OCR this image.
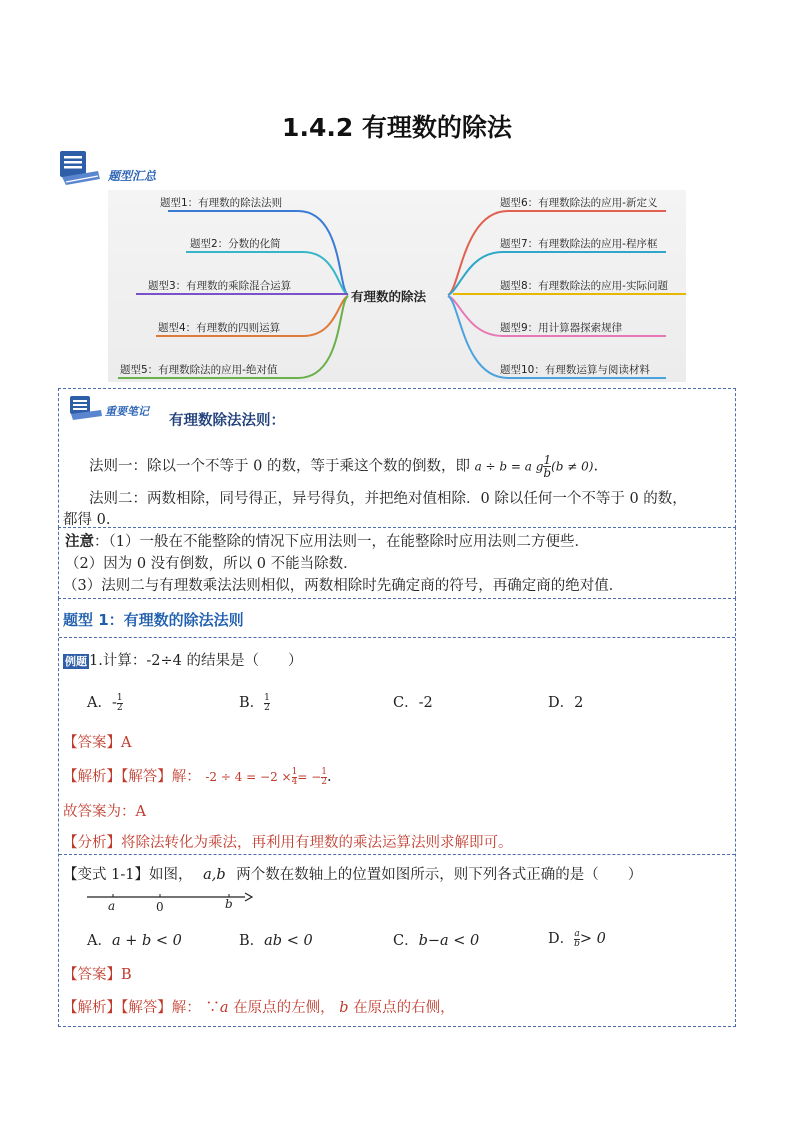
1.4.2 有理数的除法
题型汇总
有理数的除法
题型1：有理数的除法法则
题型2：分数的化简
题型3：有理数的乘除混合运算
题型4：有理数的四则运算
题型5：有理数除法的应用-绝对值
题型6：有理数除法的应用-新定义
题型7：有理数除法的应用-程序框
题型8：有理数除法的应用-实际问题
题型9：用计算器探索规律
题型10：有理数运算与阅读材料
重要笔记
有理数除法法则：
法则一：除以一个不等于 0 的数，等于乘这个数的倒数，即 a ÷ b = a g $\frac{1}{b} (b \ne 0)$.
法则二：两数相除，同号得正，异号得负，并把绝对值相除．0 除以任何一个不等于 0 的数，
都得 0.
注意：（1）一般在不能整除的情况下应用法则一，在能整除时应用法则二方便些．
（2）因为 0 没有倒数，所以 0 不能当除数．
（3）法则二与有理数乘法法则相似，两数相除时先确定商的符号，再确定商的绝对值．
题型 1：有理数的除法法则
例题 1.计算：-2÷4 的结果是（　　）
A．- $\frac{1}{2}$	B． $\frac{1}{2}$	C．-2	D．2
【答案】A
【解析】【解答】解： $-2 \div 4 = -2 \times \frac{1}{4}$ = − $\frac{1}{2}$ .
故答案为：A
【分析】将除法转化为乘法，再利用有理数的乘法运算法则求解即可。
【变式 1-1】如图， a,b 两个数在数轴上的位置如图所示，则下列各式正确的是（　　）
a	0	b
A．a + b < 0	B．ab < 0	C．b−a < 0	D． $\frac{a}{b} > 0$
【答案】B
【解析】【解答】解： ∵a 在原点的左侧， b 在原点的右侧，
